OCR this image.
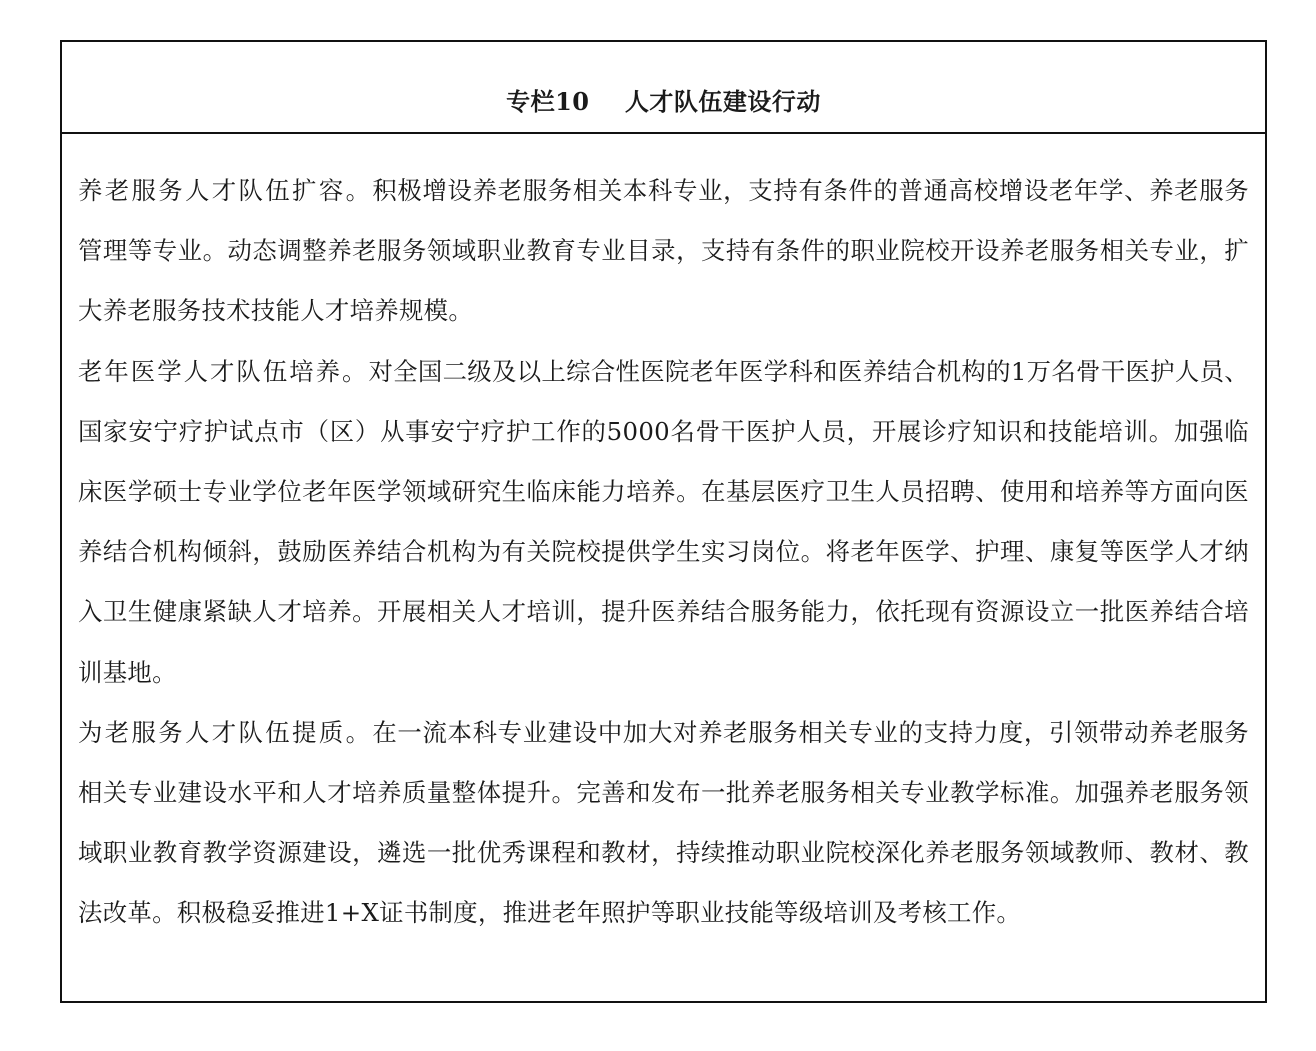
专栏10    人才队伍建设行动

养老服务人才队伍扩容。积极增设养老服务相关本科专业，支持有条件的普通高校增设老年学、养老服务管理等专业。动态调整养老服务领域职业教育专业目录，支持有条件的职业院校开设养老服务相关专业，扩大养老服务技术技能人才培养规模。

老年医学人才队伍培养。对全国二级及以上综合性医院老年医学科和医养结合机构的1万名骨干医护人员、国家安宁疗护试点市（区）从事安宁疗护工作的5000名骨干医护人员，开展诊疗知识和技能培训。加强临床医学硕士专业学位老年医学领域研究生临床能力培养。在基层医疗卫生人员招聘、使用和培养等方面向医养结合机构倾斜，鼓励医养结合机构为有关院校提供学生实习岗位。将老年医学、护理、康复等医学人才纳入卫生健康紧缺人才培养。开展相关人才培训，提升医养结合服务能力，依托现有资源设立一批医养结合培训基地。

为老服务人才队伍提质。在一流本科专业建设中加大对养老服务相关专业的支持力度，引领带动养老服务相关专业建设水平和人才培养质量整体提升。完善和发布一批养老服务相关专业教学标准。加强养老服务领域职业教育教学资源建设，遴选一批优秀课程和教材，持续推动职业院校深化养老服务领域教师、教材、教法改革。积极稳妥推进1+X证书制度，推进老年照护等职业技能等级培训及考核工作。
